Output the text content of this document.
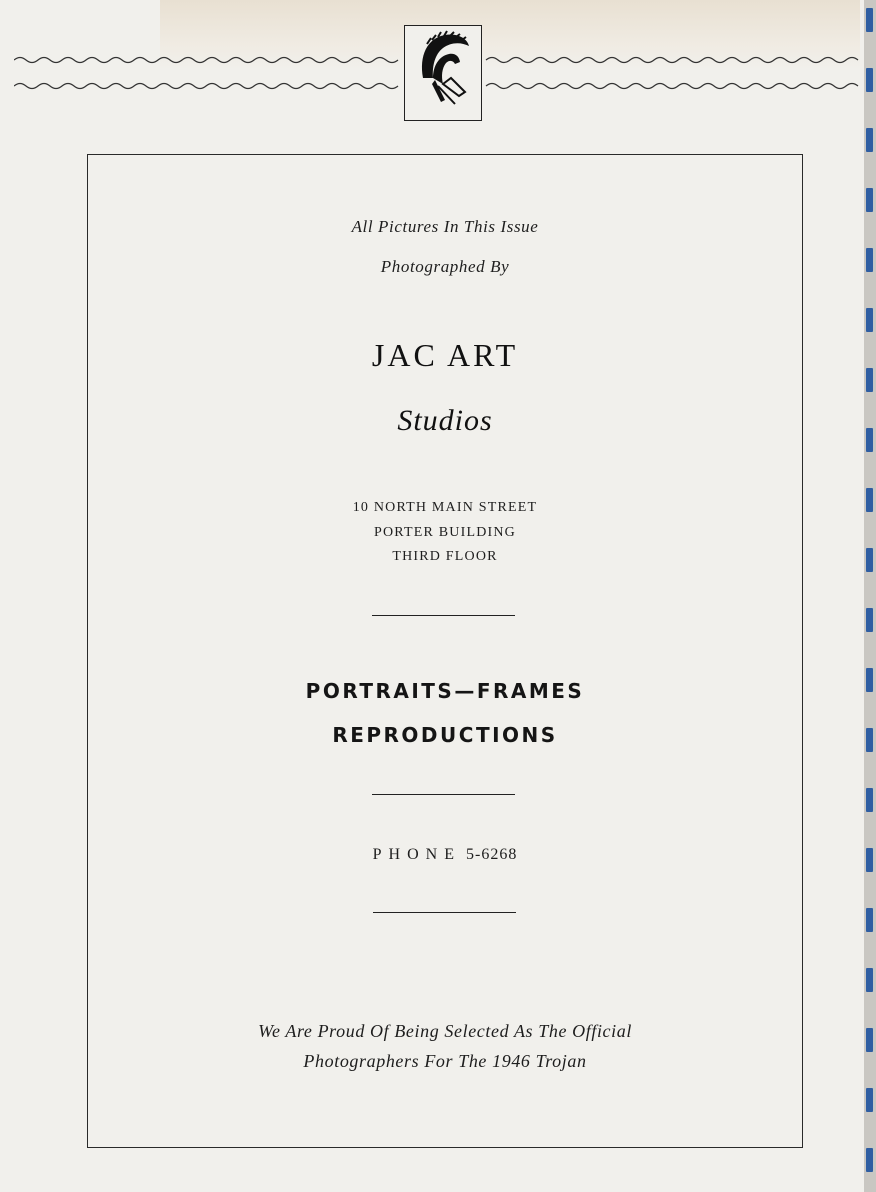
All Pictures In This Issue
Photographed By
JAC ART
Studios
10 NORTH MAIN STREET
PORTER BUILDING
THIRD FLOOR
PORTRAITS—FRAMES
REPRODUCTIONS
PHONE 5-6268
We Are Proud Of Being Selected As The Official
Photographers For The 1946 Trojan
